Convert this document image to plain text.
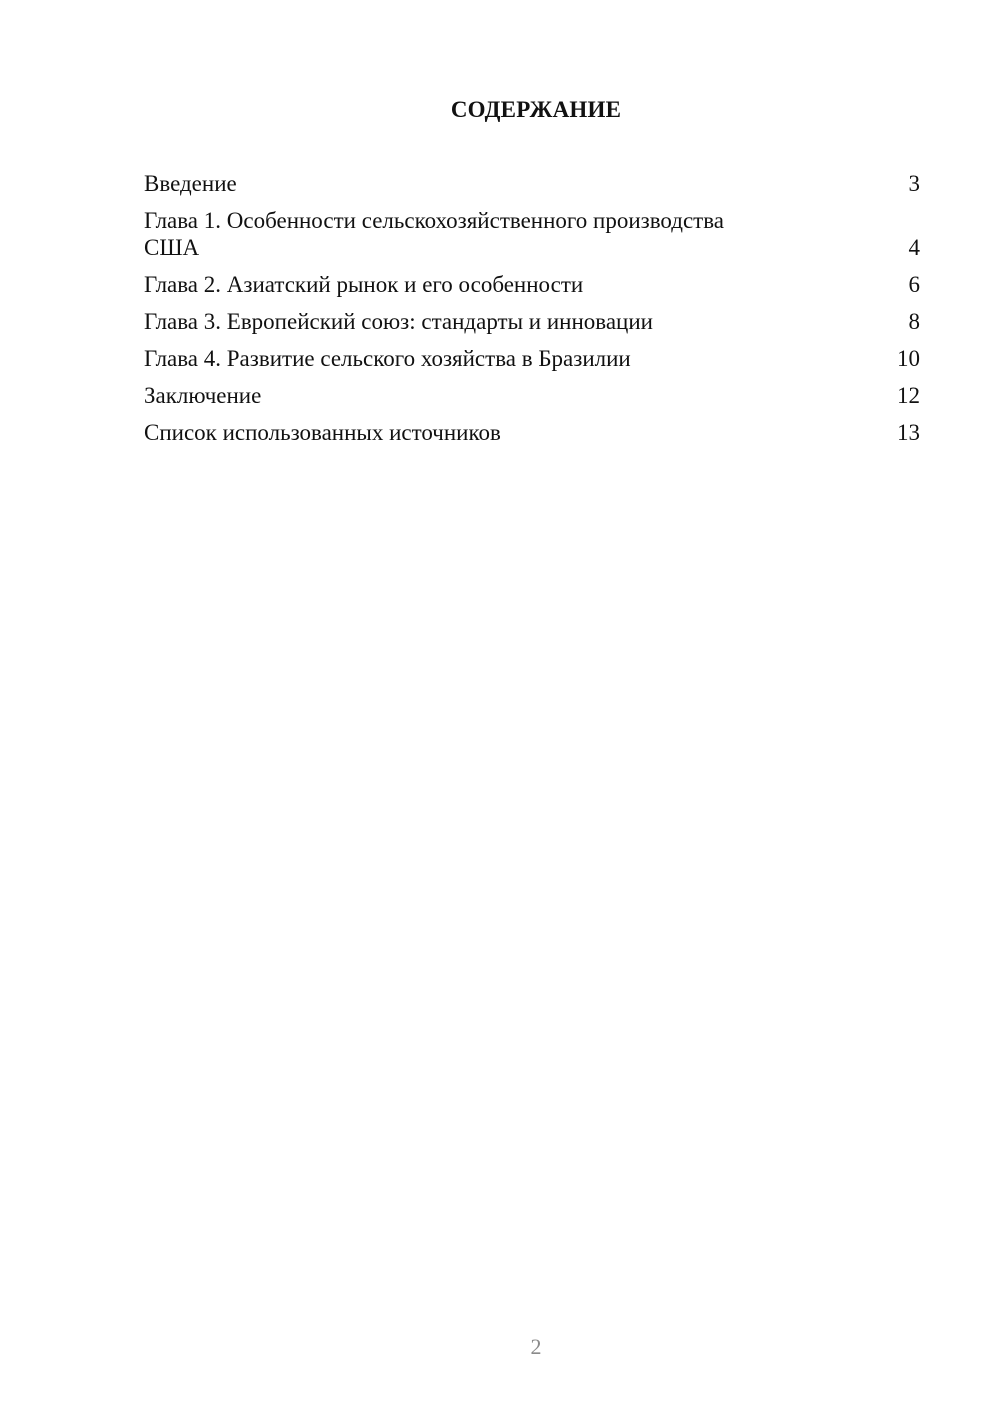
СОДЕРЖАНИЕ
Введение	3
Глава 1. Особенности сельскохозяйственного производства
США	4
Глава 2. Азиатский рынок и его особенности	6
Глава 3. Европейский союз: стандарты и инновации	8
Глава 4. Развитие сельского хозяйства в Бразилии	10
Заключение	12
Список использованных источников	13
2
